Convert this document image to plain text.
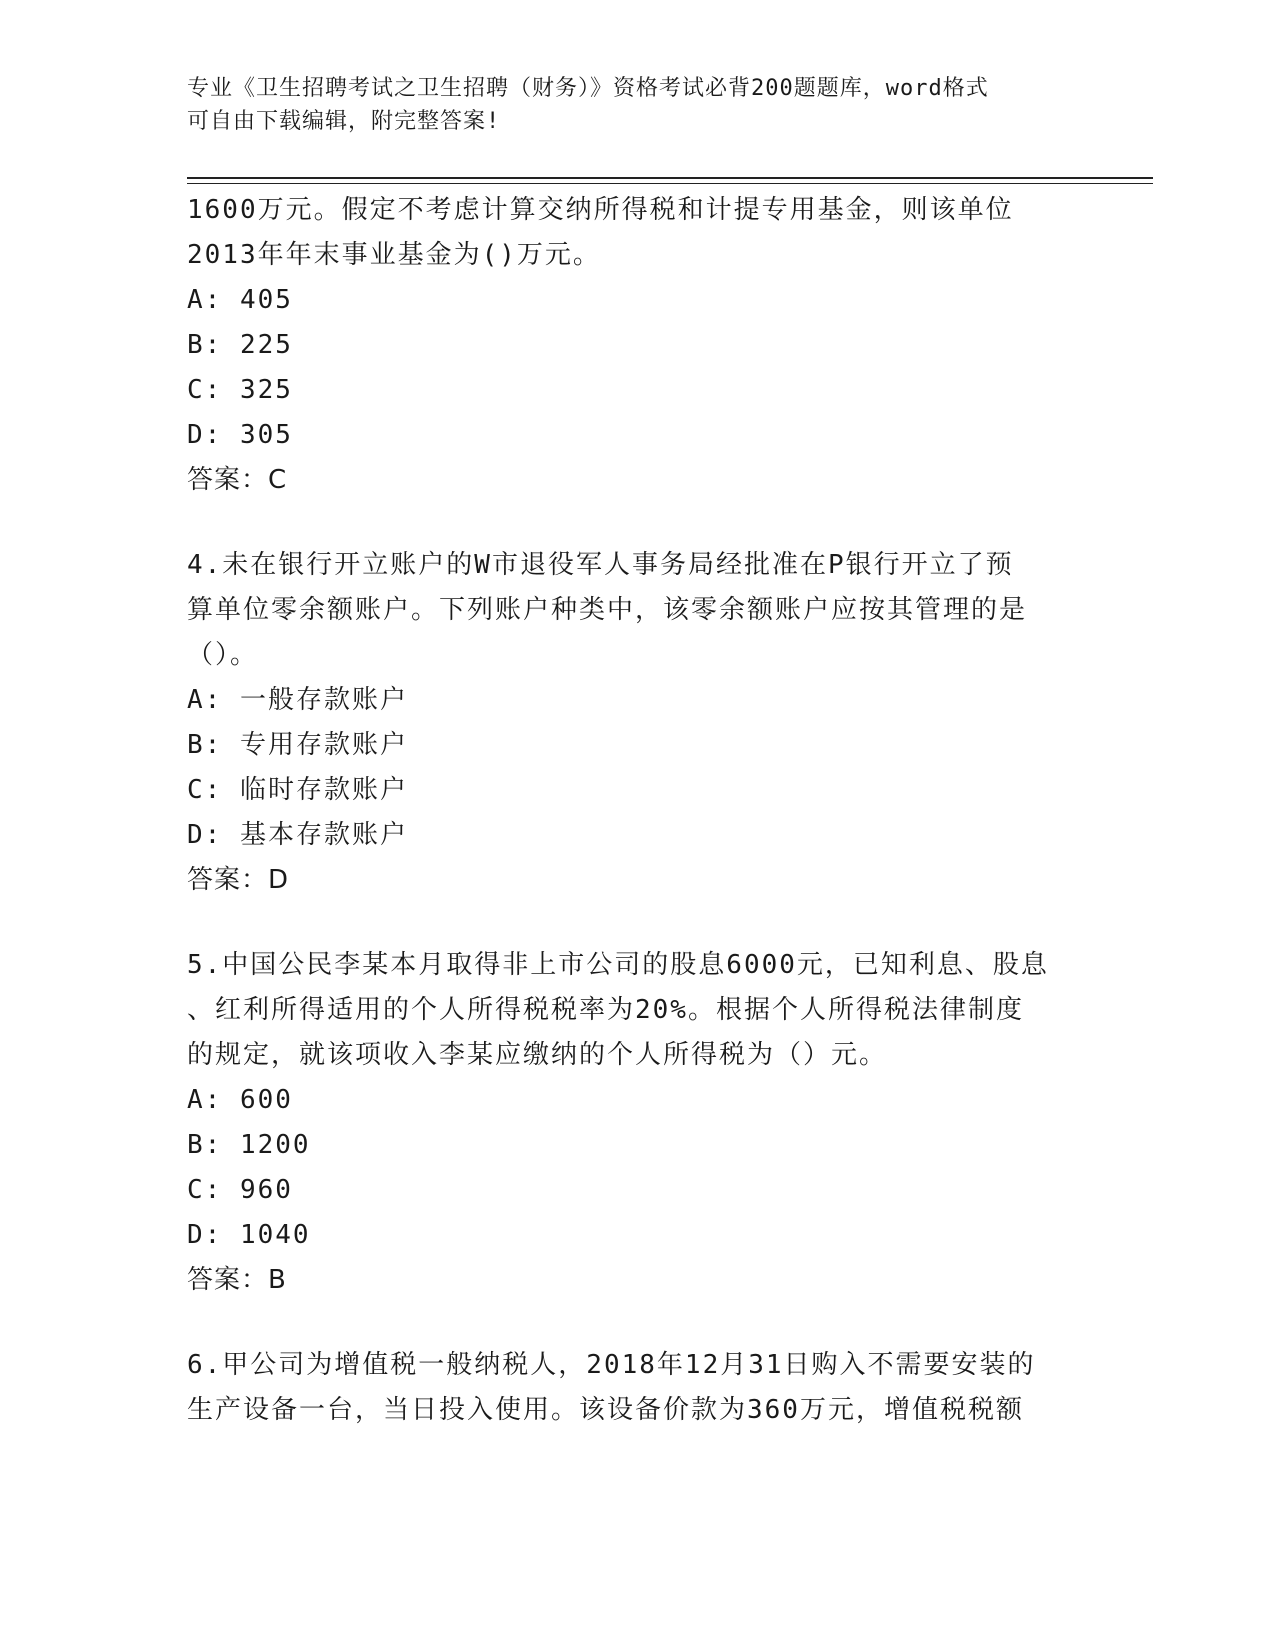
专业《卫生招聘考试之卫生招聘（财务）》资格考试必背200题题库，word格式
可自由下载编辑，附完整答案!
1600万元。假定不考虑计算交纳所得税和计提专用基金，则该单位
2013年年末事业基金为()万元。
A: 405
B: 225
C: 325
D: 305
答案：C
4.未在银行开立账户的W市退役军人事务局经批准在P银行开立了预
算单位零余额账户。下列账户种类中，该零余额账户应按其管理的是
（）。
A: 一般存款账户
B: 专用存款账户
C: 临时存款账户
D: 基本存款账户
答案：D
5.中国公民李某本月取得非上市公司的股息6000元，已知利息、股息
、红利所得适用的个人所得税税率为20%。根据个人所得税法律制度
的规定，就该项收入李某应缴纳的个人所得税为（）元。
A: 600
B: 1200
C: 960
D: 1040
答案：B
6.甲公司为增值税一般纳税人，2018年12月31日购入不需要安装的
生产设备一台，当日投入使用。该设备价款为360万元，增值税税额
